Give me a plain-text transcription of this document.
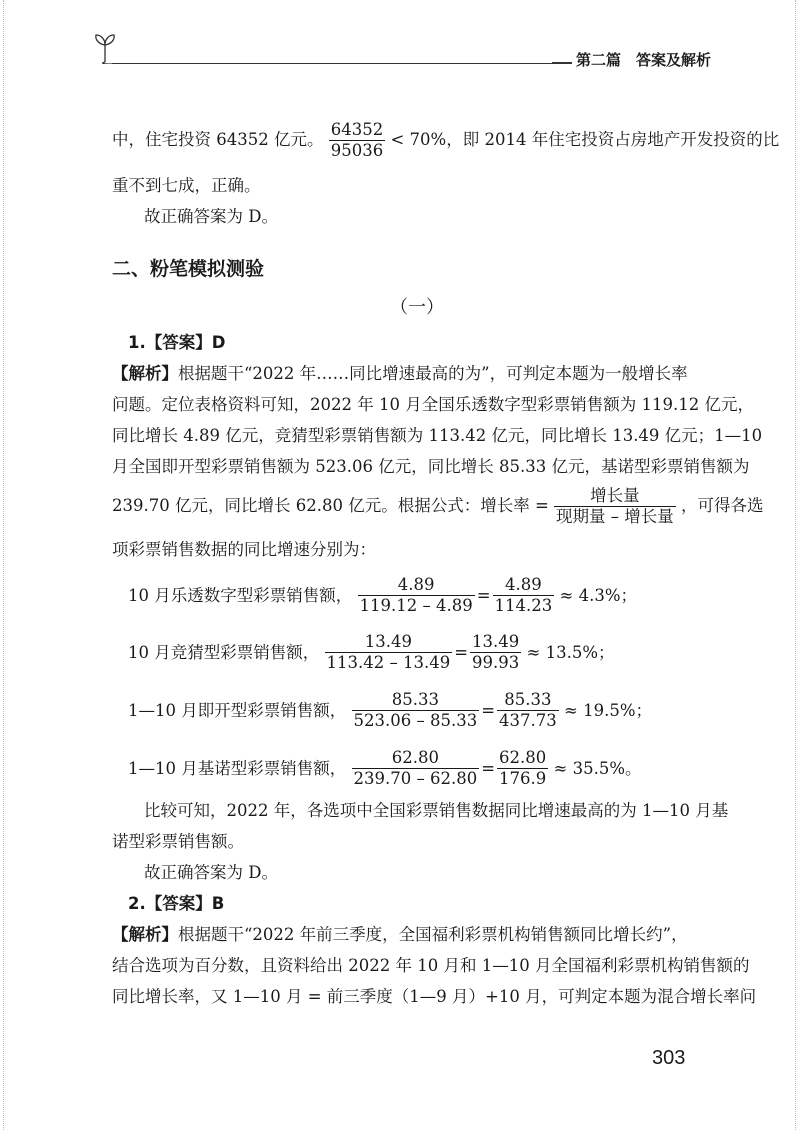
第二篇　答案及解析
中，住宅投资 64352 亿元。 $\frac{64352}{95036} < 70\%$，即 2014 年住宅投资占房地产开发投资的比
重不到七成，正确。
故正确答案为 D。
二、粉笔模拟测验
（一）
1.【答案】D
【解析】根据题干“2022 年……同比增速最高的为”，可判定本题为一般增长率
问题。定位表格资料可知，2022 年 10 月全国乐透数字型彩票销售额为 119.12 亿元，
同比增长 4.89 亿元，竞猜型彩票销售额为 113.42 亿元，同比增长 13.49 亿元；1—10
月全国即开型彩票销售额为 523.06 亿元，同比增长 85.33 亿元，基诺型彩票销售额为
239.70 亿元，同比增长 62.80 亿元。根据公式：增长率 = $\frac{\text{增长量}}{\text{现期量 – 增长量}}$ ，可得各选
项彩票销售数据的同比增速分别为：
10 月乐透数字型彩票销售额， $\frac{4.89}{119.12 - 4.89} = \frac{4.89}{114.23} \approx 4.3\%$；
10 月竞猜型彩票销售额， $\frac{13.49}{113.42 - 13.49} = \frac{13.49}{99.93} \approx 13.5\%$；
1—10 月即开型彩票销售额， $\frac{85.33}{523.06 - 85.33} = \frac{85.33}{437.73} \approx 19.5\%$；
1—10 月基诺型彩票销售额， $\frac{62.80}{239.70 - 62.80} = \frac{62.80}{176.9} \approx 35.5\%$。
比较可知，2022 年，各选项中全国彩票销售数据同比增速最高的为 1—10 月基
诺型彩票销售额。
故正确答案为 D。
2.【答案】B
【解析】根据题干“2022 年前三季度，全国福利彩票机构销售额同比增长约”，
结合选项为百分数，且资料给出 2022 年 10 月和 1—10 月全国福利彩票机构销售额的
同比增长率，又 1—10 月 = 前三季度（1—9 月）+10 月，可判定本题为混合增长率问
303
